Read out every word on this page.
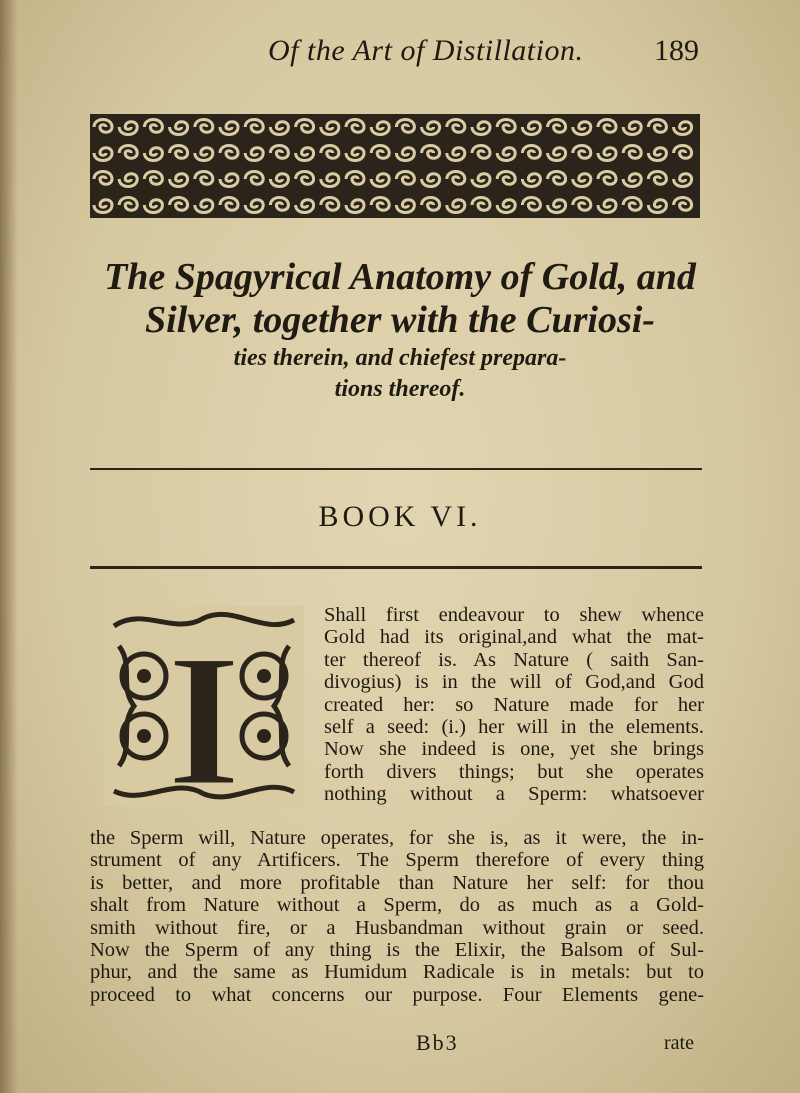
Of the Art of Distillation. 189
The Spagyrical Anatomy of Gold, and
Silver, together with the Curiosi-
ties therein, and chiefest prepara-
tions thereof.
BOOK VI.
I
Shall first endeavour to shew whence
Gold had its original,and what the mat-
ter thereof is. As Nature ( saith San-
divogius) is in the will of God,and God
created her: so Nature made for her
self a seed: (i.) her will in the elements.
Now she indeed is one, yet she brings
forth divers things; but she operates
nothing without a Sperm: whatsoever
the Sperm will, Nature operates, for she is, as it were, the in-
strument of any Artificers. The Sperm therefore of every thing
is better, and more profitable than Nature her self: for thou
shalt from Nature without a Sperm, do as much as a Gold-
smith without fire, or a Husbandman without grain or seed.
Now the Sperm of any thing is the Elixir, the Balsom of Sul-
phur, and the same as Humidum Radicale is in metals: but to
proceed to what concerns our purpose. Four Elements gene-
Bb3	rate
